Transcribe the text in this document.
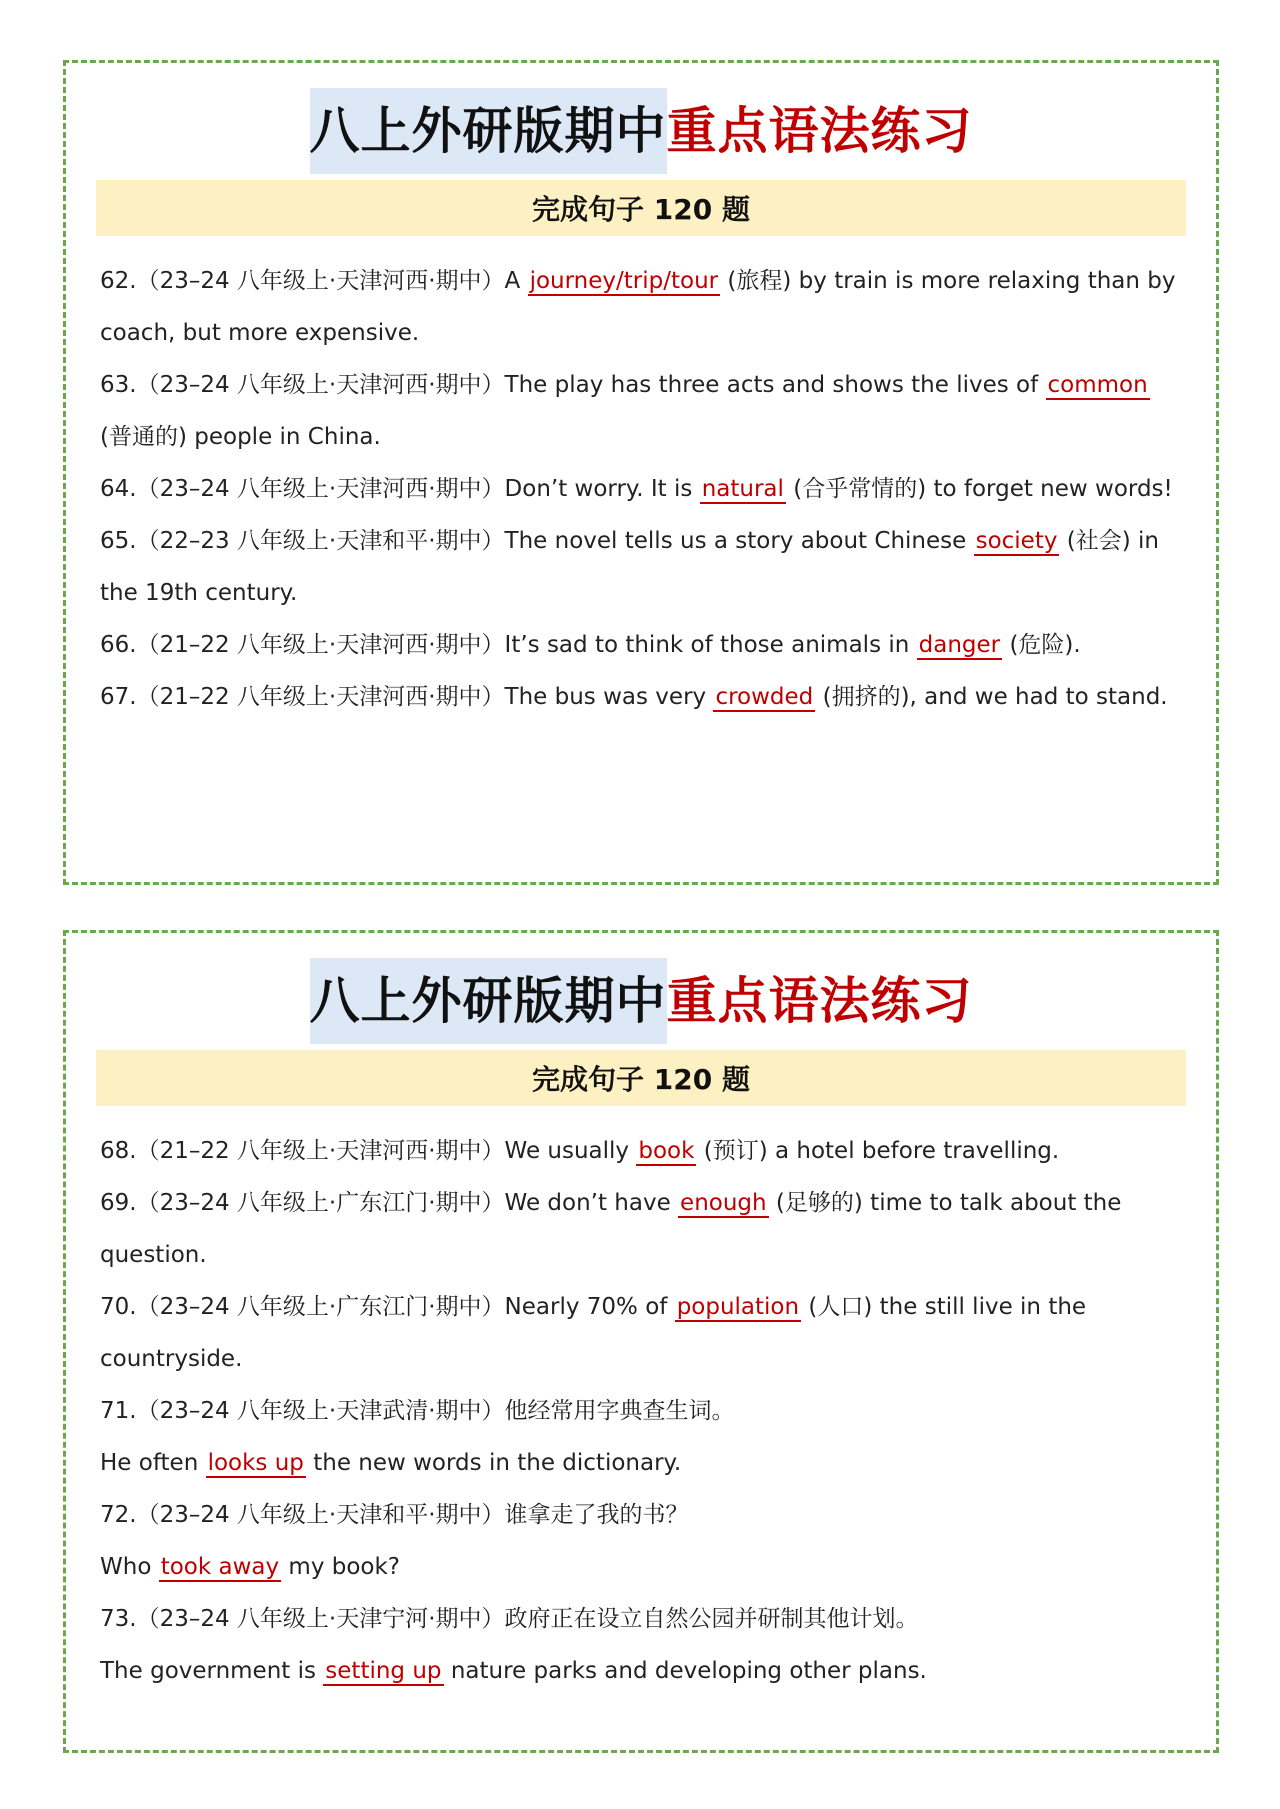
八上外研版期中重点语法练习
完成句子 120 题

62.（23–24 八年级上·天津河西·期中）A journey/trip/tour (旅程) by train is more relaxing than by coach, but more expensive.

63.（23–24 八年级上·天津河西·期中）The play has three acts and shows the lives of common (普通的) people in China.

64.（23–24 八年级上·天津河西·期中）Don’t worry. It is natural (合乎常情的) to forget new words!

65.（22–23 八年级上·天津和平·期中）The novel tells us a story about Chinese society (社会) in the 19th century.

66.（21–22 八年级上·天津河西·期中）It’s sad to think of those animals in danger (危险).

67.（21–22 八年级上·天津河西·期中）The bus was very crowded (拥挤的), and we had to stand.

八上外研版期中重点语法练习
完成句子 120 题

68.（21–22 八年级上·天津河西·期中）We usually book (预订) a hotel before travelling.

69.（23–24 八年级上·广东江门·期中）We don’t have enough (足够的) time to talk about the question.

70.（23–24 八年级上·广东江门·期中）Nearly 70% of population (人口) the still live in the countryside.

71.（23–24 八年级上·天津武清·期中）他经常用字典查生词。

He often looks up the new words in the dictionary.

72.（23–24 八年级上·天津和平·期中）谁拿走了我的书？

Who took away my book?

73.（23–24 八年级上·天津宁河·期中）政府正在设立自然公园并研制其他计划。

The government is setting up nature parks and developing other plans.
